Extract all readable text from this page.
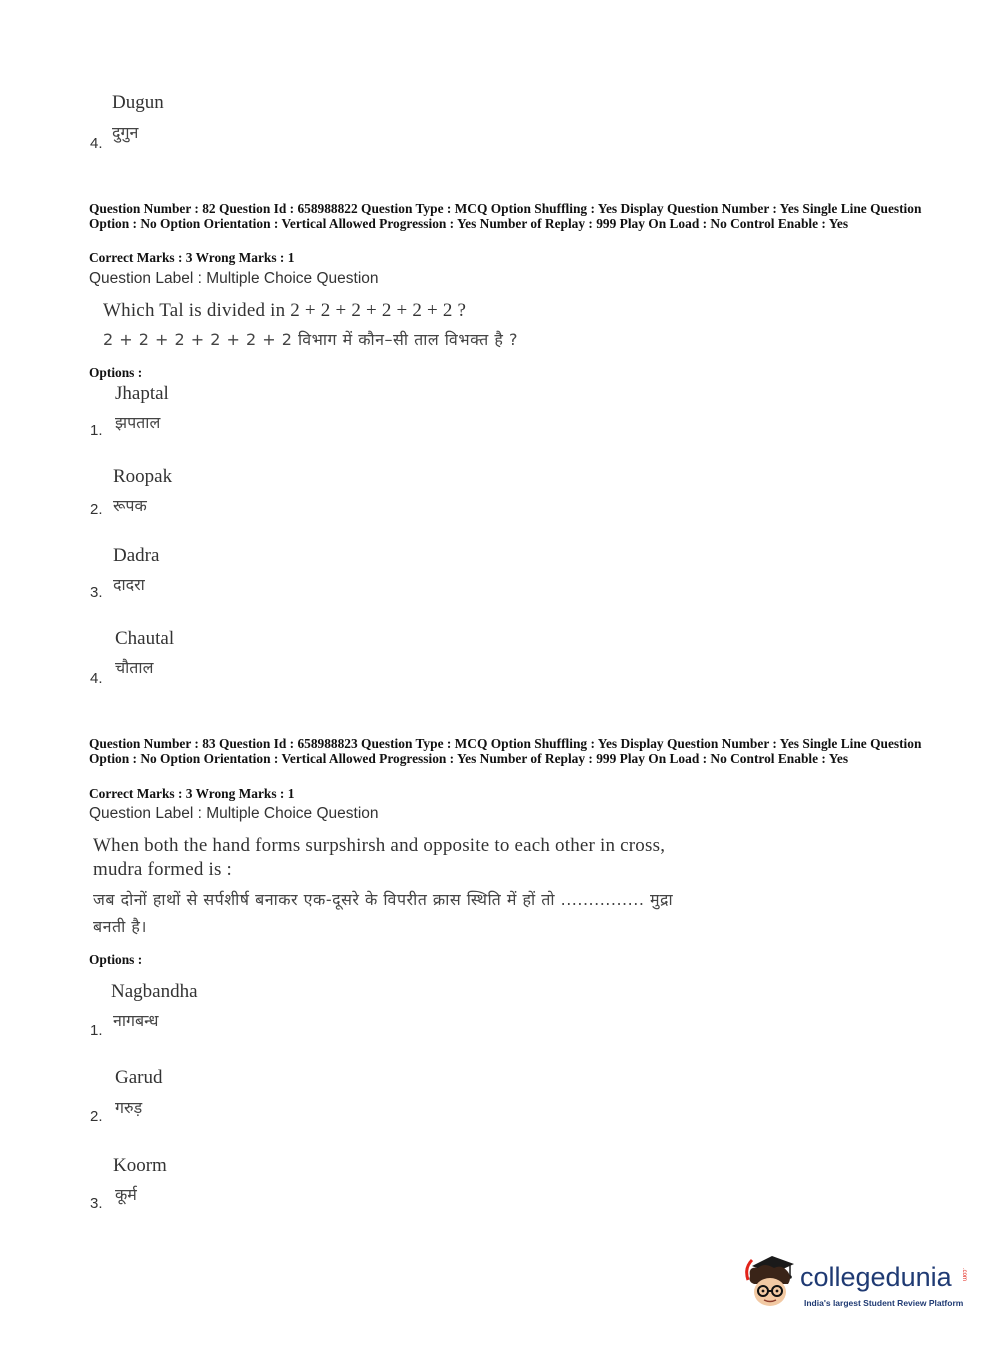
Dugun
दुगुन
4.
Question Number : 82 Question Id : 658988822 Question Type : MCQ Option Shuffling : Yes Display Question Number : Yes Single Line Question Option : No Option Orientation : Vertical Allowed Progression : Yes Number of Replay : 999 Play On Load : No Control Enable : Yes
Correct Marks : 3 Wrong Marks : 1
Question Label : Multiple Choice Question
Which Tal is divided in 2 + 2 + 2 + 2 + 2 + 2 ?
2 + 2 + 2 + 2 + 2 + 2 विभाग में कौन–सी ताल विभक्त है ?
Options :
Jhaptal
झपताल
1.
Roopak
रूपक
2.
Dadra
दादरा
3.
Chautal
चौताल
4.
Question Number : 83 Question Id : 658988823 Question Type : MCQ Option Shuffling : Yes Display Question Number : Yes Single Line Question Option : No Option Orientation : Vertical Allowed Progression : Yes Number of Replay : 999 Play On Load : No Control Enable : Yes
Correct Marks : 3 Wrong Marks : 1
Question Label : Multiple Choice Question
When both the hand forms surpshirsh and opposite to each other in cross,
mudra formed is :
जब दोनों हाथों से सर्पशीर्ष बनाकर एक-दूसरे के विपरीत क्रास स्थिति में हों तो ............... मुद्रा
बनती है।
Options :
Nagbandha
नागबन्ध
1.
Garud
गरुड़
2.
Koorm
कूर्म
3.
collegedunia .com
India's largest Student Review Platform
